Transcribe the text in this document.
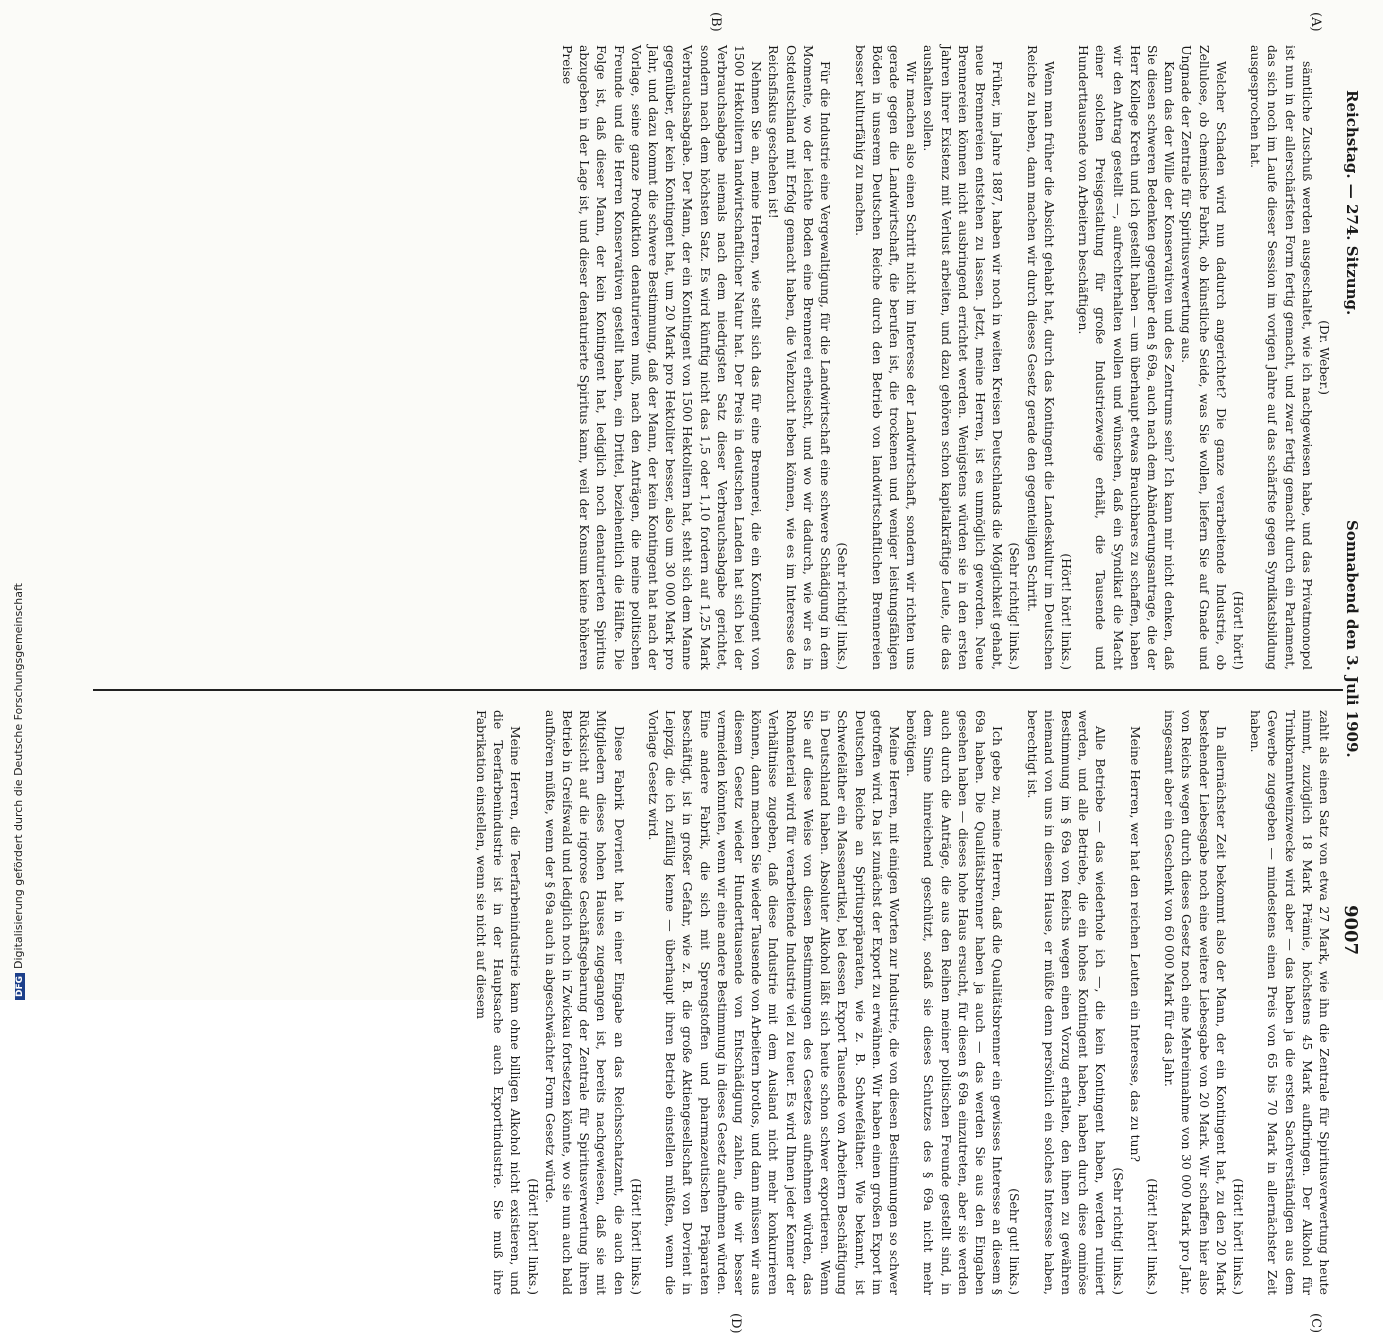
Reichstag. — 274. Sitzung.
Sonnabend den 3. Juli 1909.
9007
(C)
(D)
(A)
(B)

(Dr. Weber.)

sämtliche Zuschuß werden ausgeschaltet, wie ich nachgewiesen habe, und das Privatmonopol ist nun in der allerschärfsten Form fertig gemacht, und zwar fertig gemacht durch ein Parlament, das sich noch im Laufe dieser Session im vorigen Jahre auf das schärfste gegen Syndikatsbildung ausgesprochen hat.

(Hört! hört!)

Welcher Schaden wird nun dadurch angerichtet? Die ganze verarbeitende Industrie, ob Zellulose, ob chemische Fabrik, ob künstliche Seide, was Sie wollen, liefern Sie auf Gnade und Ungnade der Zentrale für Spiritusverwertung aus.

Kann das der Wille der Konservativen und des Zentrums sein? Ich kann mir nicht denken, daß Sie diesen schweren Bedenken gegenüber den § 69a, auch nach dem Abänderungsantrage, die der Herr Kollege Kreth und ich gestellt haben — um überhaupt etwas Brauchbares zu schaffen, haben wir den Antrag gestellt —, aufrechterhalten wollen und wünschen, daß ein Syndikat die Macht einer solchen Preisgestaltung für große Industriezweige erhält, die Tausende und Hunderttausende von Arbeitern beschäftigen.

(Hört! hört! links.)

Wenn man früher die Absicht gehabt hat, durch das Kontingent die Landeskultur im Deutschen Reiche zu heben, dann machen wir durch dieses Gesetz gerade den gegenteiligen Schritt.

(Sehr richtig! links.)

Früher, im Jahre 1887, haben wir noch in weiten Kreisen Deutschlands die Möglichkeit gehabt, neue Brennereien entstehen zu lassen. Jetzt, meine Herren, ist es unmöglich geworden. Neue Brennereien können nicht ausbringend errichtet werden. Wenigstens würden sie in den ersten Jahren ihrer Existenz mit Verlust arbeiten, und dazu gehören schon kapitalkräftige Leute, die das aushalten sollen.

Wir machen also einen Schritt nicht im Interesse der Landwirtschaft, sondern wir richten uns gerade gegen die Landwirtschaft, die berufen ist, die trockenen und weniger leistungsfähigen Böden in unserem Deutschen Reiche durch den Betrieb von landwirtschaftlichen Brennereien besser kulturfähig zu machen.

(Sehr richtig! links.)

Für die Industrie eine Vergewaltigung, für die Landwirtschaft eine schwere Schädigung in dem Momente, wo der leichte Boden eine Brennerei erheischt, und wo wir dadurch, wie wir es in Ostdeutschland mit Erfolg gemacht haben, die Viehzucht heben können, wie es im Interesse des Reichsfiskus geschehen ist!

Nehmen Sie an, meine Herren, wie stellt sich das für eine Brennerei, die ein Kontingent von 1500 Hektolitern landwirtschaftlicher Natur hat. Der Preis in deutschen Landen hat sich bei der Verbrauchsabgabe niemals nach dem niedrigsten Satz dieser Verbrauchsabgabe gerichtet, sondern nach dem höchsten Satz. Es wird künftig nicht das 1,5 oder 1,10 fordern auf 1,25 Mark Verbrauchsabgabe. Der Mann, der ein Kontingent von 1500 Hektolitern hat, steht sich dem Manne gegenüber, der kein Kontingent hat, um 20 Mark pro Hektoliter besser, also um 30 000 Mark pro Jahr, und dazu kommt die schwere Bestimmung, daß der Mann, der kein Kontingent hat nach der Vorlage, seine ganze Produktion denaturieren muß, nach den Anträgen, die meine politischen Freunde und die Herren Konservativen gestellt haben, ein Drittel, beziehentlich die Hälfte. Die Folge ist, daß dieser Mann, der kein Kontingent hat, lediglich noch denaturierten Spiritus abzugeben in der Lage ist, und dieser denaturierte Spiritus kann, weil der Konsum keine höheren Preise

zahlt als einen Satz von etwa 27 Mark, wie ihn die Zentrale für Spiritusverwertung heute nimmt, zuzüglich 18 Mark Prämie, höchstens 45 Mark aufbringen. Der Alkohol für Trinkbranntweinzwecke wird aber — das haben ja die ersten Sachverständigen aus dem Gewerbe zugegeben — mindestens einen Preis von 65 bis 70 Mark in allernächster Zeit haben.

(Hört! hört! links.)

In allernächster Zeit bekommt also der Mann, der ein Kontingent hat, zu den 20 Mark bestehender Liebesgabe noch eine weitere Liebesgabe von 20 Mark. Wir schaffen hier also von Reichs wegen durch dieses Gesetz noch eine Mehreinnahme von 30 000 Mark pro Jahr, insgesamt aber ein Geschenk von 60 000 Mark für das Jahr.

(Hört! hört! links.)

Meine Herren, wer hat den reichen Leuten ein Interesse, das zu tun?

(Sehr richtig! links.)

Alle Betriebe — das wiederhole ich —, die kein Kontingent haben, werden ruiniert werden, und alle Betriebe, die ein hohes Kontingent haben, haben durch diese ominöse Bestimmung im § 69a von Reichs wegen einen Vorzug erhalten, den ihnen zu gewähren niemand von uns in diesem Hause, er müßte denn persönlich ein solches Interesse haben, berechtigt ist.

(Sehr gut! links.)

Ich gebe zu, meine Herren, daß die Qualitätsbrenner ein gewisses Interesse an diesem § 69a haben. Die Qualitätsbrenner haben ja auch — das werden Sie aus den Eingaben gesehen haben — dieses hohe Haus ersucht, für diesen § 69a einzutreten, aber sie werden auch durch die Anträge, die aus den Reihen meiner politischen Freunde gestellt sind, in dem Sinne hinreichend geschützt, sodaß sie dieses Schutzes des § 69a nicht mehr benötigen.

Meine Herren, mit einigen Worten zur Industrie, die von diesen Bestimmungen so schwer getroffen wird. Da ist zunächst der Export zu erwähnen. Wir haben einen großen Export im Deutschen Reiche an Spirituspräparaten, wie z. B. Schwefeläther. Wie bekannt, ist Schwefeläther ein Massenartikel, bei dessen Export Tausende von Arbeitern Beschäftigung in Deutschland haben. Absoluter Alkohol läßt sich heute schon schwer exportieren. Wenn Sie auf diese Weise von diesen Bestimmungen des Gesetzes aufnehmen würden, das Rohmaterial wird für verarbeitende Industrie viel zu teuer. Es wird Ihnen jeder Kenner der Verhältnisse zugeben, daß diese Industrie mit dem Ausland nicht mehr konkurrieren können, dann machen Sie wieder Tausende von Arbeitern brotlos, und dann müssen wir aus diesem Gesetz wieder Hunderttausende von Entschädigung zahlen, die wir besser vermeiden könnten, wenn wir eine andere Bestimmung in dieses Gesetz aufnehmen würden.

Eine andere Fabrik, die sich mit Sprengstoffen und pharmazeutischen Präparaten beschäftigt, ist in großer Gefahr, wie z. B. die große Aktiengesellschaft von Devrient in Leipzig, die ich zufällig kenne — überhaupt ihren Betrieb einstellen müßten, wenn die Vorlage Gesetz wird.

(Hört! hört! links.)

Diese Fabrik Devrient hat in einer Eingabe an das Reichsschatzamt, die auch den Mitgliedern dieses hohen Hauses zugegangen ist, bereits nachgewiesen, daß sie mit Rücksicht auf die rigorose Geschäftsgebarung der Zentrale für Spiritusverwertung ihren Betrieb in Greifswald und lediglich noch in Zwickau fortsetzen könnte, wo sie nun auch bald aufhören müßte, wenn der § 69a auch in abgeschwächter Form Gesetz würde.

(Hört! hört! links.)

Meine Herren, die Teerfarbenindustrie kann ohne billigen Alkohol nicht existieren, und die Teerfarbenindustrie ist in der Hauptsache auch Exportindustrie. Sie muß ihre Fabrikation einstellen, wenn sie nicht auf diesem

DFGDigitalisierung gefördert durch die Deutsche Forschungsgemeinschaft
